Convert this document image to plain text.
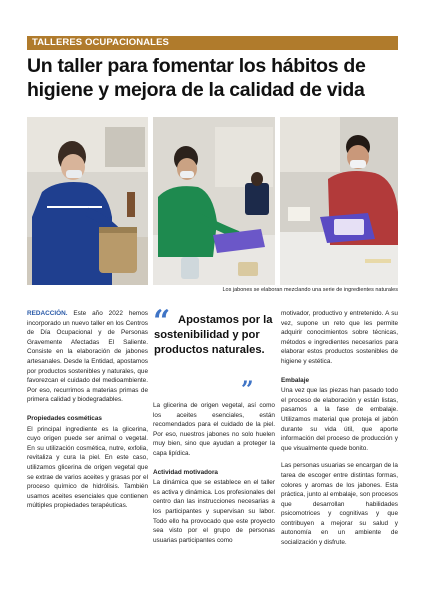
TALLERES OCUPACIONALES
Un taller para fomentar los hábitos de higiene y mejora de la calidad de vida
Los jabones se elaboran mezclando una serie de ingredientes naturales

REDACCIÓN. Este año 2022 hemos incorporado un nuevo taller en los Centros de Día Ocupacional y de Personas Gravemente Afectadas El Saliente. Consiste en la elaboración de jabones artesanales. Desde la Entidad, apostamos por productos sostenibles y naturales, que favorezcan el cuidado del medioambiente. Por eso, recurrimos a materias primas de primera calidad y biodegradables.

Propiedades cosméticas

El principal ingrediente es la glicerina, cuyo origen puede ser animal o vegetal. En su utilización cosmética, nutre, exfolia, revitaliza y cura la piel. En este caso, utilizamos glicerina de origen vegetal que se extrae de varios aceites y grasas por el proceso químico de hidrólisis. También usamos aceites esenciales que contienen múltiples propiedades terapéuticas.

“ Apostamos por la sostenibilidad y por productos naturales.
”

La glicerina de origen vegetal, así como los aceites esenciales, están recomendados para el cuidado de la piel. Por eso, nuestros jabones no solo huelen muy bien, sino que ayudan a proteger la capa lipídica.

Actividad motivadora

La dinámica que se establece en el taller es activa y dinámica. Los profesionales del centro dan las instrucciones necesarias a los participantes y supervisan su labor. Todo ello ha provocado que este proyecto sea visto por el grupo de personas usuarias participantes como

motivador, productivo y entretenido. A su vez, supone un reto que les permite adquirir conocimientos sobre técnicas, métodos e ingredientes necesarios para elaborar estos productos sostenibles de higiene y estética.

Embalaje

Una vez que las piezas han pasado todo el proceso de elaboración y están listas, pasamos a la fase de embalaje. Utilizamos material que proteja el jabón durante su vida útil, que aporte información del proceso de producción y que visualmente quede bonito.

Las personas usuarias se encargan de la tarea de escoger entre distintas formas, colores y aromas de los jabones. Esta práctica, junto al embalaje, son procesos que desarrollan habilidades psicomotrices y cognitivas y que contribuyen a mejorar su salud y autonomía en un ambiente de socialización y disfrute.
